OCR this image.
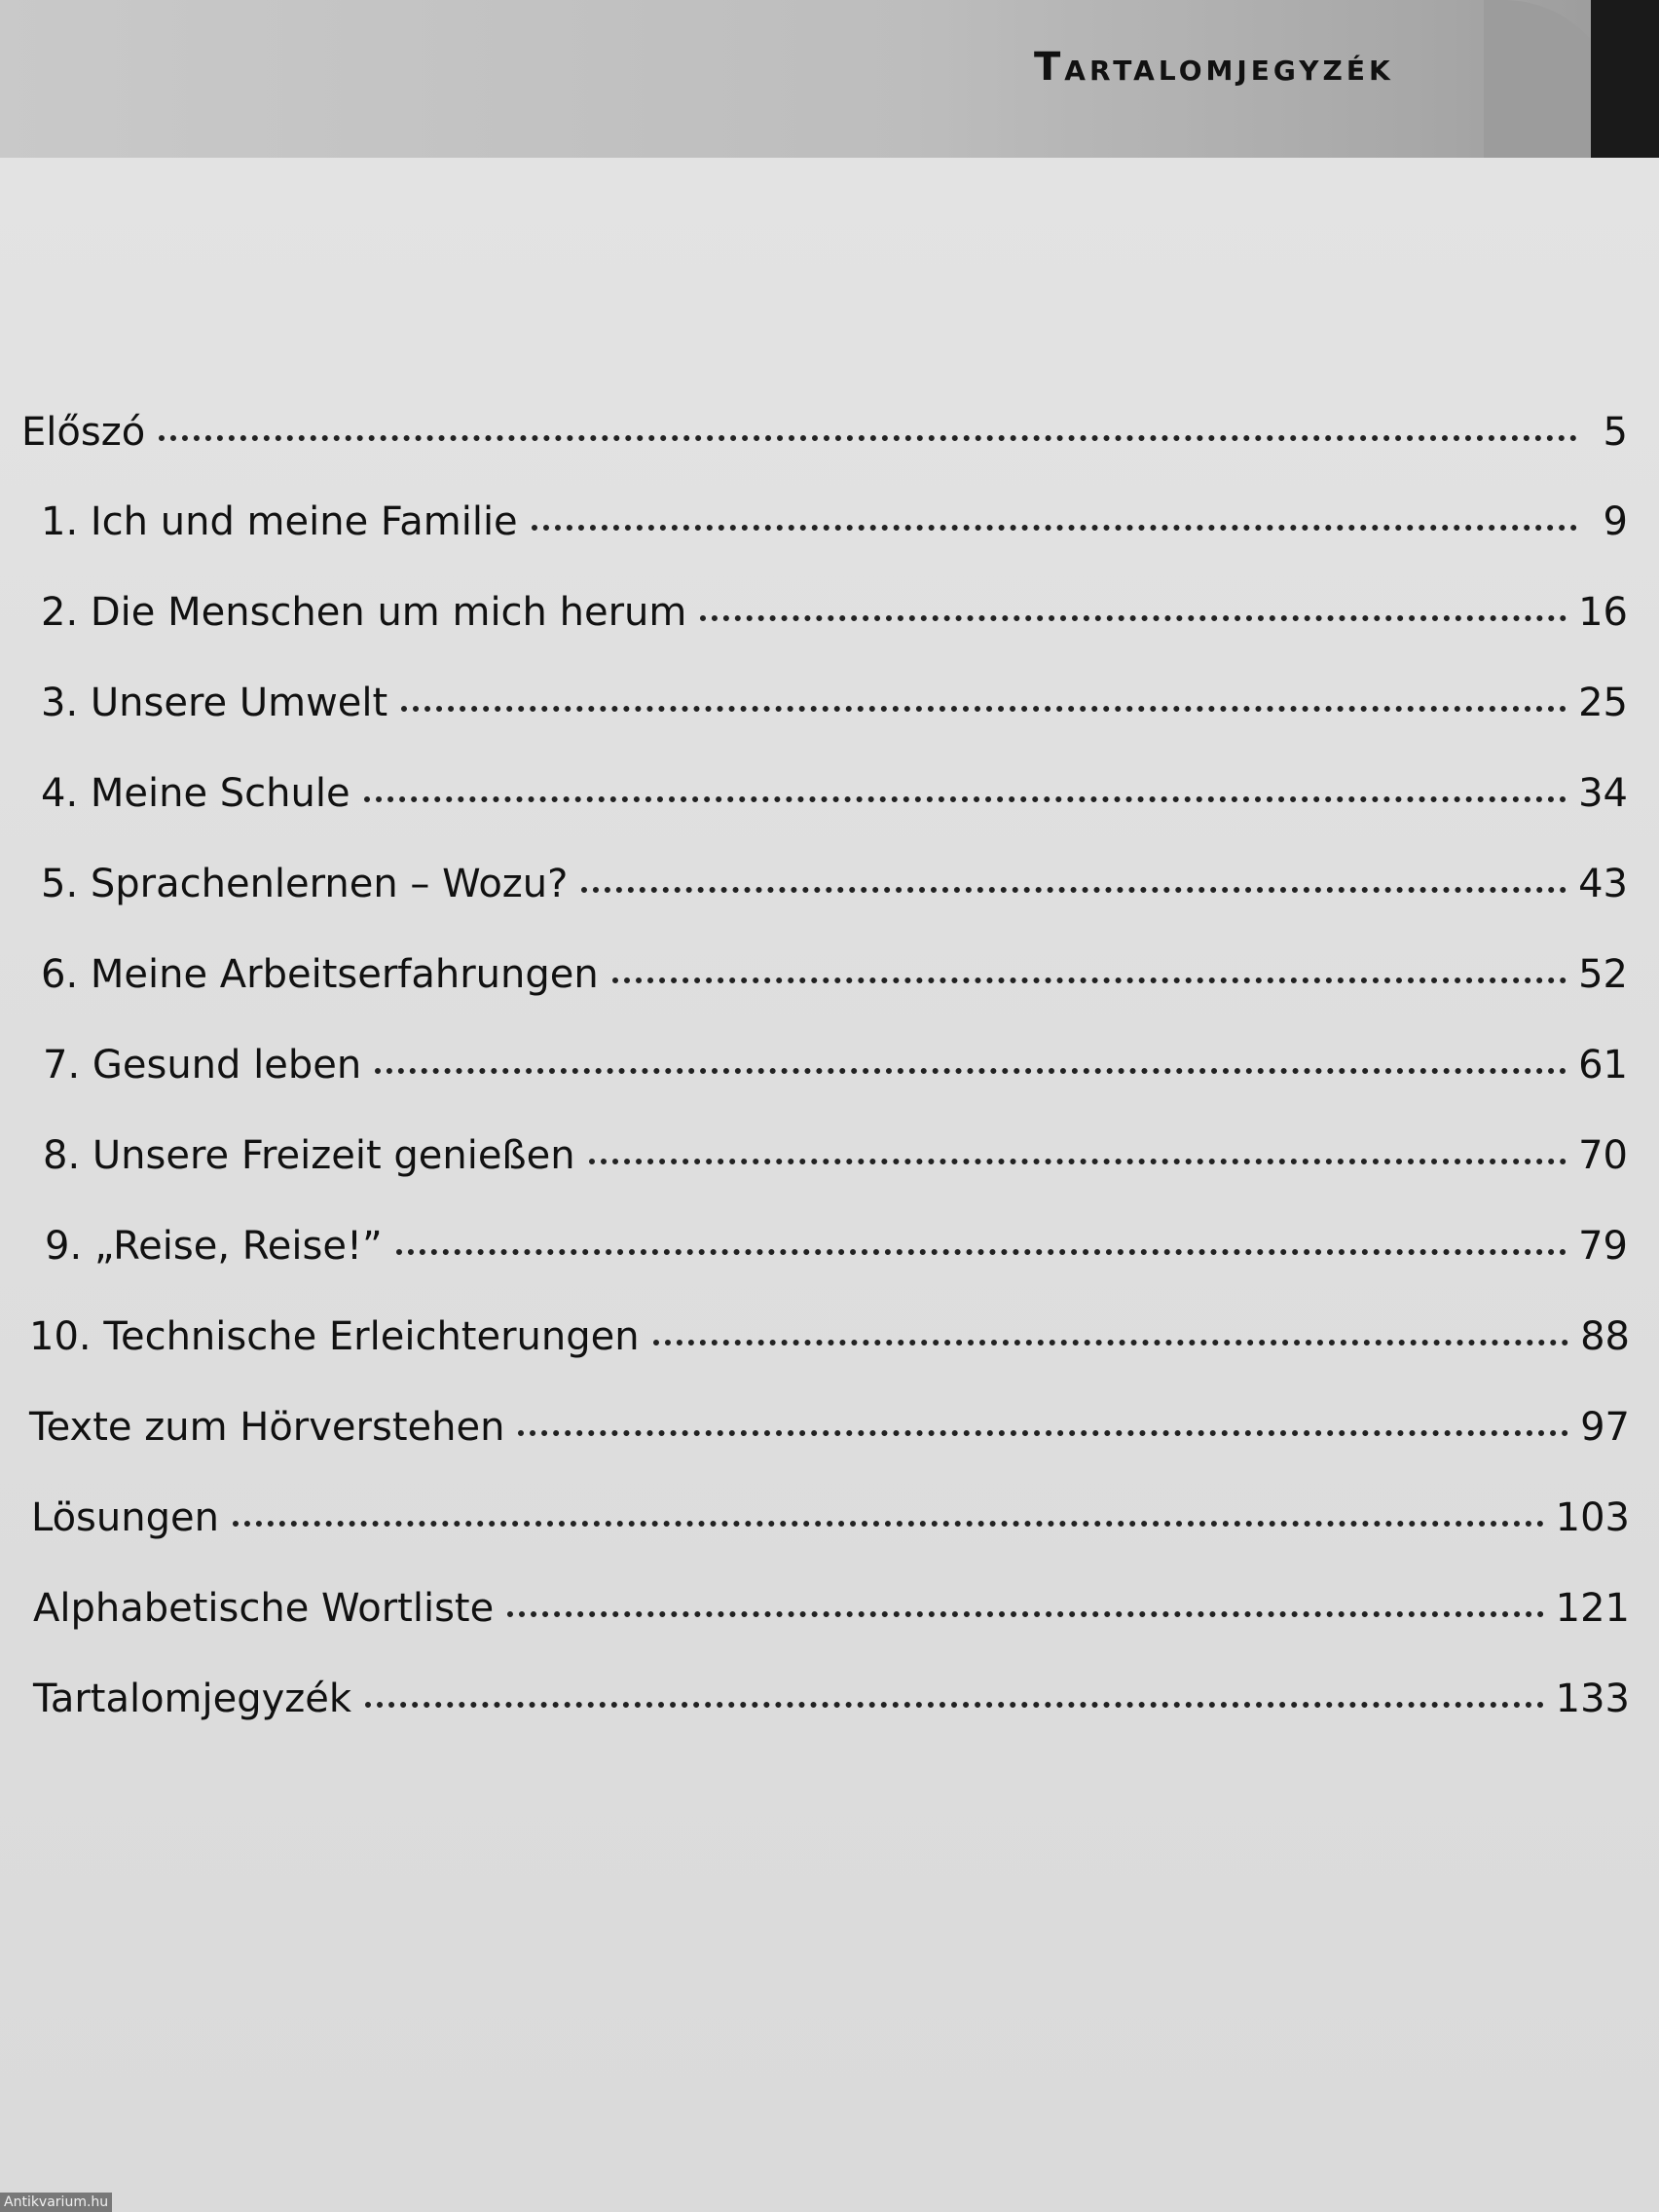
Tartalomjegyzék
Előszó	5
1. Ich und meine Familie	9
2. Die Menschen um mich herum	16
3. Unsere Umwelt	25
4. Meine Schule	34
5. Sprachenlernen – Wozu?	43
6. Meine Arbeitserfahrungen	52
7. Gesund leben	61
8. Unsere Freizeit genießen	70
9. „Reise, Reise!”	79
10. Technische Erleichterungen	88
Texte zum Hörverstehen	97
Lösungen	103
Alphabetische Wortliste	121
Tartalomjegyzék	133
Antikvarium.hu
